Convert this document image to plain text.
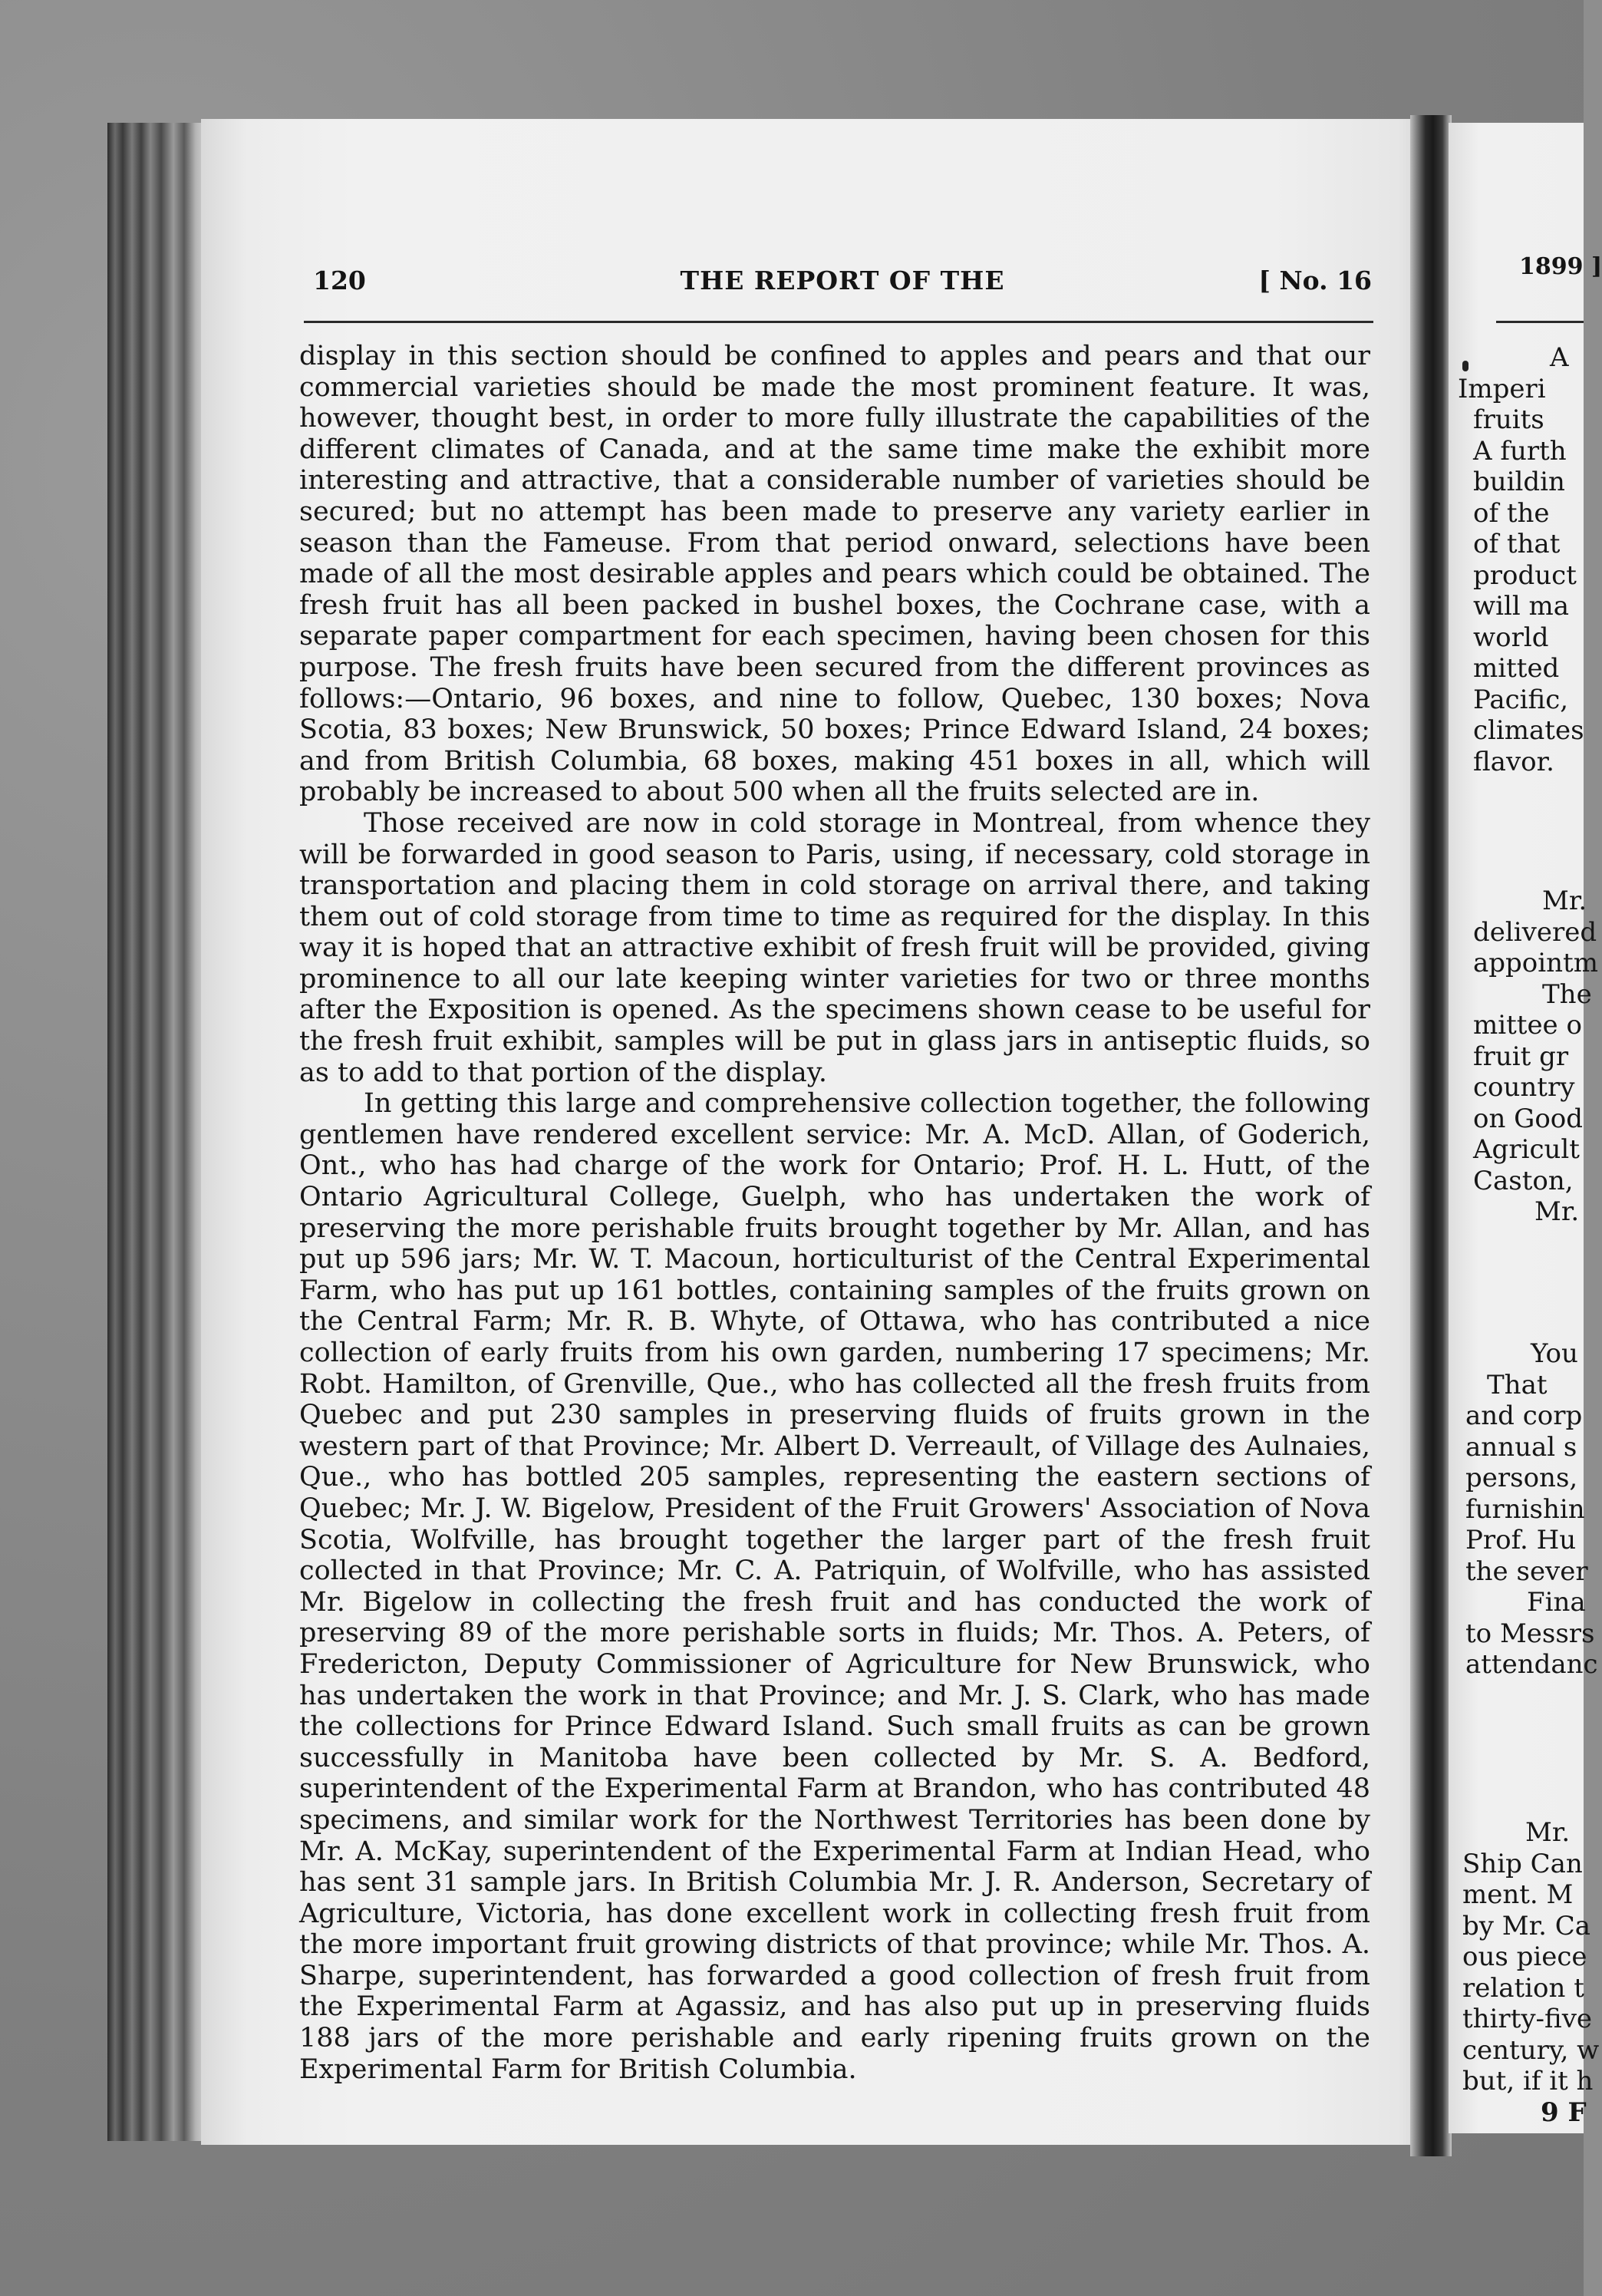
120	THE REPORT OF THE	[ No. 16

display in this section should be confined to apples and pears and that our commercial varieties should be made the most prominent feature. It was, however, thought best, in order to more fully illustrate the capabilities of the different climates of Canada, and at the same time make the exhibit more interesting and attractive, that a considerable number of varieties should be secured; but no attempt has been made to preserve any variety earlier in season than the Fameuse. From that period onward, selections have been made of all the most desirable apples and pears which could be obtained. The fresh fruit has all been packed in bushel boxes, the Cochrane case, with a separate paper compartment for each specimen, having been chosen for this purpose. The fresh fruits have been secured from the different provinces as follows:—Ontario, 96 boxes, and nine to follow, Quebec, 130 boxes; Nova Scotia, 83 boxes; New Brunswick, 50 boxes; Prince Edward Island, 24 boxes; and from British Columbia, 68 boxes, making 451 boxes in all, which will probably be increased to about 500 when all the fruits selected are in.

Those received are now in cold storage in Montreal, from whence they will be forwarded in good season to Paris, using, if necessary, cold storage in transportation and placing them in cold storage on arrival there, and taking them out of cold storage from time to time as required for the display. In this way it is hoped that an attractive exhibit of fresh fruit will be provided, giving prominence to all our late keeping winter varieties for two or three months after the Exposition is opened. As the specimens shown cease to be useful for the fresh fruit exhibit, samples will be put in glass jars in antiseptic fluids, so as to add to that portion of the display.

In getting this large and comprehensive collection together, the following gentlemen have rendered excellent service: Mr. A. McD. Allan, of Goderich, Ont., who has had charge of the work for Ontario; Prof. H. L. Hutt, of the Ontario Agricultural College, Guelph, who has undertaken the work of preserving the more perishable fruits brought together by Mr. Allan, and has put up 596 jars; Mr. W. T. Macoun, horticulturist of the Central Experimental Farm, who has put up 161 bottles, containing samples of the fruits grown on the Central Farm; Mr. R. B. Whyte, of Ottawa, who has contributed a nice collection of early fruits from his own garden, numbering 17 specimens; Mr. Robt. Hamilton, of Grenville, Que., who has collected all the fresh fruits from Quebec and put 230 samples in preserving fluids of fruits grown in the western part of that Province; Mr. Albert D. Verreault, of Village des Aulnaies, Que., who has bottled 205 samples, representing the eastern sections of Quebec; Mr. J. W. Bigelow, President of the Fruit Growers' Association of Nova Scotia, Wolfville, has brought together the larger part of the fresh fruit collected in that Province; Mr. C. A. Patriquin, of Wolfville, who has assisted Mr. Bigelow in collecting the fresh fruit and has conducted the work of preserving 89 of the more perishable sorts in fluids; Mr. Thos. A. Peters, of Fredericton, Deputy Commissioner of Agriculture for New Brunswick, who has undertaken the work in that Province; and Mr. J. S. Clark, who has made the collections for Prince Edward Island. Such small fruits as can be grown successfully in Manitoba have been collected by Mr. S. A. Bedford, superintendent of the Experimental Farm at Brandon, who has contributed 48 specimens, and similar work for the Northwest Territories has been done by Mr. A. McKay, superintendent of the Experimental Farm at Indian Head, who has sent 31 sample jars. In British Columbia Mr. J. R. Anderson, Secretary of Agriculture, Victoria, has done excellent work in collecting fresh fruit from the more important fruit growing districts of that province; while Mr. Thos. A. Sharpe, superintendent, has forwarded a good collection of fresh fruit from the Experimental Farm at Agassiz, and has also put up in preserving fluids 188 jars of the more perishable and early ripening fruits grown on the Experimental Farm for British Columbia.

1899 ]
A
Imperi
fruits
A furth
buildin
of the
of that
product
will ma
world
mitted
Pacific,
climates
flavor.
Mr.
delivered
appointm
The
mittee o
fruit gr
country
on Good
Agricult
Caston,
Mr.
You
That
and corp
annual s
persons,
furnishin
Prof. Hu
the sever
Fina
to Messrs
attendanc
Mr.
Ship Can
ment. M
by Mr. Ca
ous piece
relation t
thirty-five
century, w
but, if it h
9 F
